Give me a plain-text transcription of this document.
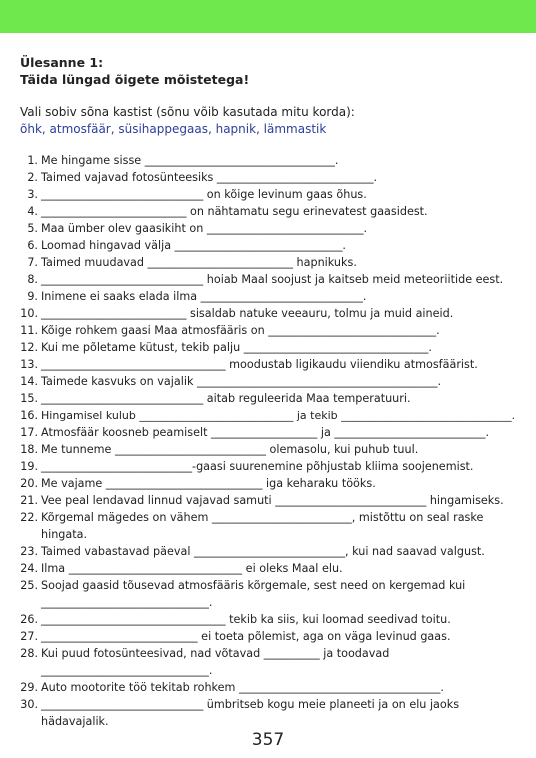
Ülesanne 1:
Täida lüngad õigete mõistetega!
Vali sobiv sõna kastist (sõnu võib kasutada mitu korda):
õhk, atmosfäär, süsihappegaas, hapnik, lämmastik
1. Me hingame sisse __________________________________.
2. Taimed vajavad fotosünteesiks ____________________________.
3. _____________________________ on kõige levinum gaas õhus.
4. __________________________ on nähtamatu segu erinevatest gaasidest.
5. Maa ümber olev gaasikiht on ____________________________.
6. Loomad hingavad välja ______________________________.
7. Taimed muudavad __________________________ hapnikuks.
8. _____________________________ hoiab Maal soojust ja kaitseb meid meteoriitide eest.
9. Inimene ei saaks elada ilma _____________________________.
10. __________________________ sisaldab natuke veeauru, tolmu ja muid aineid.
11. Kõige rohkem gaasi Maa atmosfääris on ______________________________.
12. Kui me põletame kütust, tekib palju _________________________________.
13. _________________________________ moodustab ligikaudu viiendiku atmosfäärist.
14. Taimede kasvuks on vajalik ___________________________________________.
15. _____________________________ aitab reguleerida Maa temperatuuri.
16. Hingamisel kulub ____________________________ ja tekib _______________________________.
17. Atmosfäär koosneb peamiselt ___________________ ja ___________________________.
18. Me tunneme ___________________________ olemasolu, kui puhub tuul.
19. ___________________________-gaasi suurenemine põhjustab kliima soojenemist.
20. Me vajame ____________________________ iga keharaku tööks.
21. Vee peal lendavad linnud vajavad samuti ___________________________ hingamiseks.
22. Kõrgemal mägedes on vähem _________________________, mistõttu on seal raske hingata.
23. Taimed vabastavad päeval ___________________________, kui nad saavad valgust.
24. Ilma _______________________________ ei oleks Maal elu.
25. Soojad gaasid tõusevad atmosfääris kõrgemale, sest need on kergemad kui ______________________________.
26. _________________________________ tekib ka siis, kui loomad seedivad toitu.
27. ____________________________ ei toeta põlemist, aga on väga levinud gaas.
28. Kui puud fotosünteesivad, nad võtavad __________ ja toodavad ______________________________.
29. Auto mootorite töö tekitab rohkem ____________________________________.
30. _____________________________ ümbritseb kogu meie planeeti ja on elu jaoks hädavajalik.
357
